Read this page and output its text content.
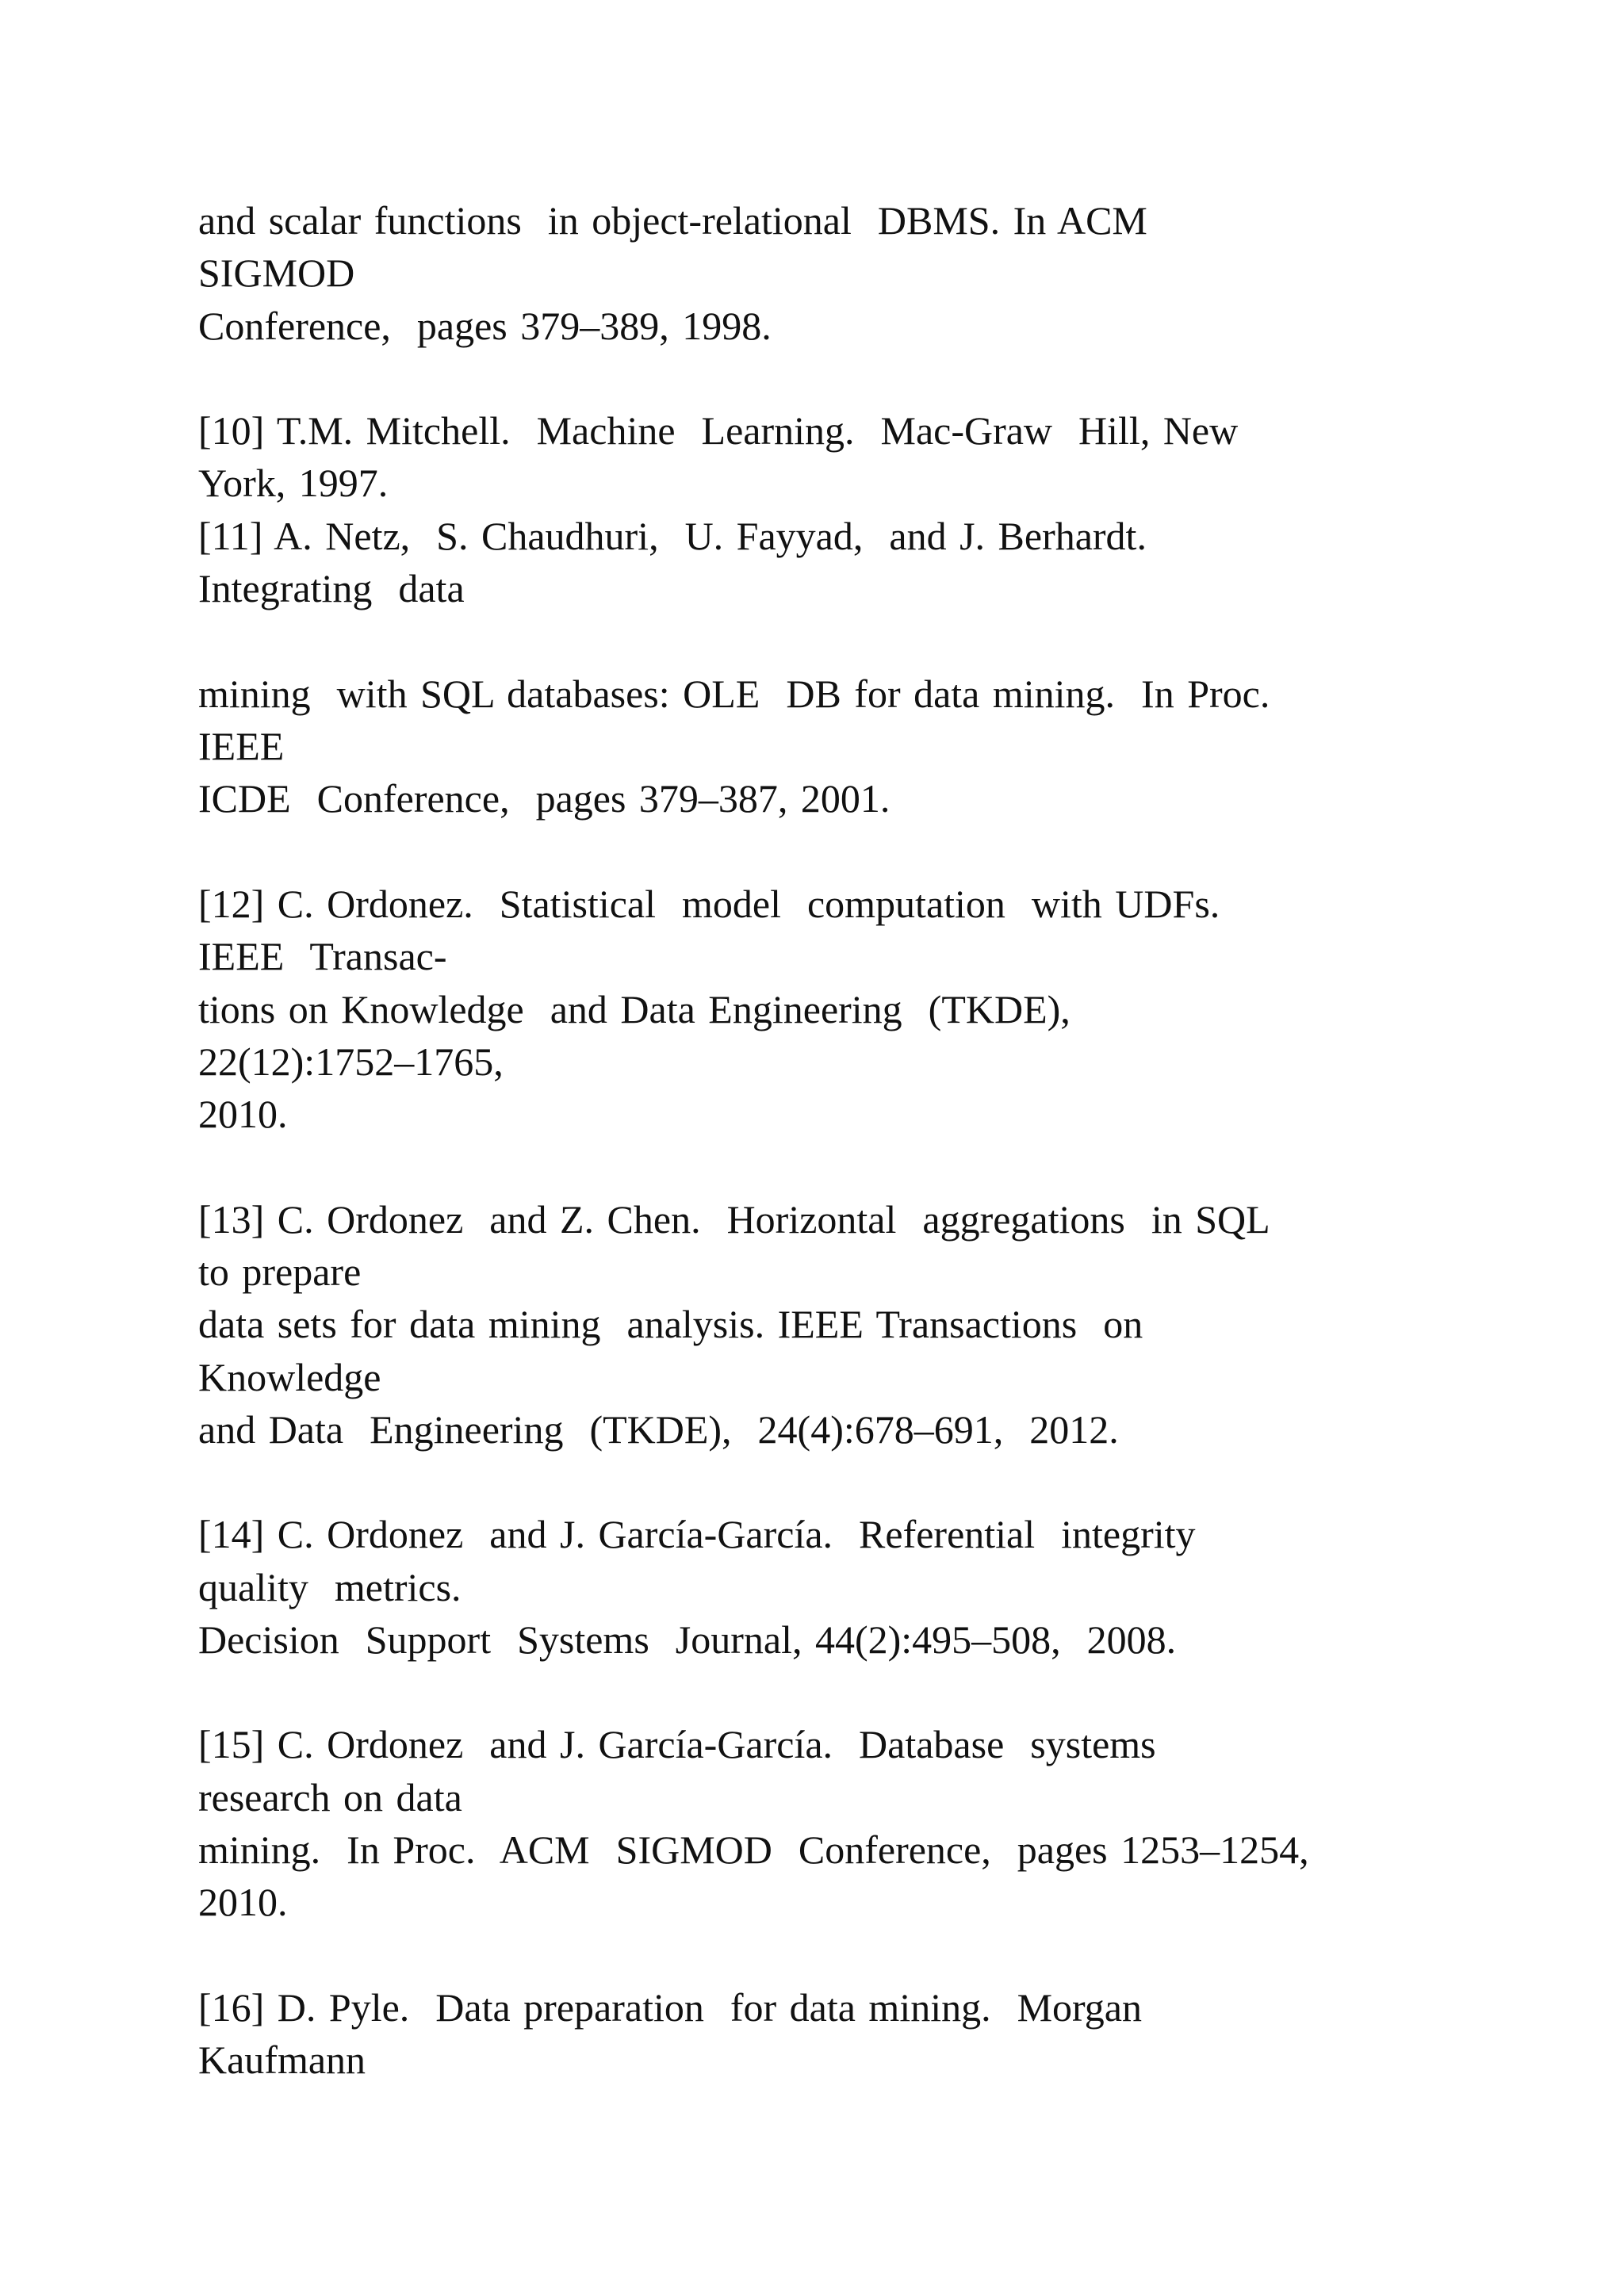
and scalar functions  in object-relational  DBMS. In ACM

SIGMOD

Conference,  pages 379–389, 1998.

[10] T.M. Mitchell.  Machine  Learning.  Mac-Graw  Hill, New

York, 1997.

[11] A. Netz,  S. Chaudhuri,  U. Fayyad,  and J. Berhardt.

Integrating  data

mining  with SQL databases: OLE  DB for data mining.  In Proc.

IEEE

ICDE  Conference,  pages 379–387, 2001.

[12] C. Ordonez.  Statistical  model  computation  with UDFs.

IEEE  Transac-

tions on Knowledge  and Data Engineering  (TKDE),

22(12):1752–1765,

2010.

[13] C. Ordonez  and Z. Chen.  Horizontal  aggregations  in SQL

to prepare

data sets for data mining  analysis. IEEE Transactions  on

Knowledge

and Data  Engineering  (TKDE),  24(4):678–691,  2012.

[14] C. Ordonez  and J. García-García.  Referential  integrity

quality  metrics.

Decision  Support  Systems  Journal, 44(2):495–508,  2008.

[15] C. Ordonez  and J. García-García.  Database  systems

research on data

mining.  In Proc.  ACM  SIGMOD  Conference,  pages 1253–1254,

2010.

[16] D. Pyle.  Data preparation  for data mining.  Morgan

Kaufmann
